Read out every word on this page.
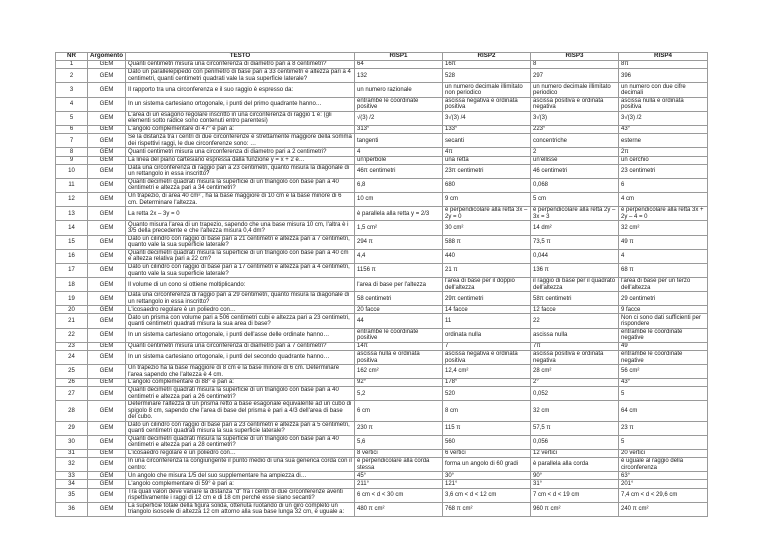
NR	Argomento	TESTO	RISP1	RISP2	RISP3	RISP4
1	GEM	Quanti centimetri misura una circonferenza di diametro pari a 8 centimetri?	64	16π	8	8π
2	GEM	Dato un parallelepipedo con perimetro di base pari a 33 centimetri e altezza pari a 4 centimetri, quanti centimetri quadrati vale la sua superficie laterale?	132	528	297	396
3	GEM	Il rapporto tra una circonferenza e il suo raggio è espresso da:	un numero razionale	un numero decimale illimitato non periodico	un numero decimale illimitato periodico	un numero con due cifre decimali
4	GEM	In un sistema cartesiano ortogonale, i punti del primo quadrante hanno…	entrambe le coordinate positive	ascissa negativa e ordinata positiva	ascissa positiva e ordinata negativa	ascissa nulla e ordinata positiva
5	GEM	L'area di un esagono regolare inscritto in una circonferenza di raggio 1 è: (gli elementi sotto radice sono contenuti entro parentesi)	√(3) /2	3√(3) /4	3√(3)	3√(3) /2
6	GEM	L'angolo complementare di 47° è pari a:	313°	133°	223°	43°
7	GEM	Se la distanza tra i centri di due circonferenze è strettamente maggiore della somma dei rispettivi raggi, le due circonferenze sono: …	tangenti	secanti	concentriche	esterne
8	GEM	Quanti centimetri misura una circonferenza di diametro pari a 2 centimetri?	4	4π	2	2π
9	GEM	La linea del piano cartesiano espressa dalla funzione y = x + 2 è…	un'iperbole	una retta	un'ellisse	un cerchio
10	GEM	Data una circonferenza di raggio pari a 23 centimetri, quanto misura la diagonale di un rettangolo in essa inscritto?	46π centimetri	23π centimetri	46 centimetri	23 centimetri
11	GEM	Quanti decimetri quadrati misura la superficie di un triangolo con base pari a 40 centimetri e altezza pari a 34 centimetri?	6,8	680	0,068	6
12	GEM	Un trapezio, di area 40 cm² , ha la base maggiore di 10 cm e la base minore di 6 cm. Determinare l'altezza.	10 cm	9 cm	5 cm	4 cm
13	GEM	La retta 2x – 3y = 0	è parallela alla retta y = 2/3	è perpendicolare alla retta 3x – 2y = 0	è perpendicolare alla retta 2y – 3x = 3	è perpendicolare alla retta 3x + 2y – 4 = 0
14	GEM	Quanto misura l'area di un trapezio, sapendo che una base misura 10 cm, l'altra è i 3/5 della precedente e che l'altezza misura 0,4 dm?	1,5 cm²	30 cm²	14 dm²	32 cm²
15	GEM	Dato un cilindro con raggio di base pari a 21 centimetri e altezza pari a 7 centimetri, quanto vale la sua superficie laterale?	294 π	588 π	73,5 π	49 π
16	GEM	Quanti decimetri quadrati misura la superficie di un triangolo con base pari a 40 cm e altezza relativa pari a 22 cm?	4,4	440	0,044	4
17	GEM	Dato un cilindro con raggio di base pari a 17 centimetri e altezza pari a 4 centimetri, quanto vale la sua superficie laterale?	1156 π	21 π	136 π	68 π
18	GEM	Il volume di un cono si ottiene moltiplicando:	l'area di base per l'altezza	l'area di base per il doppio dell'altezza	il raggio di base per il quadrato dell'altezza	l'area di base per un terzo dell'altezza
19	GEM	Data una circonferenza di raggio pari a 29 centimetri, quanto misura la diagonale di un rettangolo in essa inscritto?	58 centimetri	29π centimetri	58π centimetri	29 centimetri
20	GEM	L'icosaedro regolare è un poliedro con…	20 facce	14 facce	12 facce	9 facce
21	GEM	Dato un prisma con volume pari a 506 centimetri cubi e altezza pari a 23 centimetri, quanti centimetri quadrati misura la sua area di base?	44	11	22	Non ci sono dati sufficienti per rispondere
22	GEM	In un sistema cartesiano ortogonale, i punti dell'asse delle ordinate hanno…	entrambe le coordinate positive	ordinata nulla	ascissa nulla	entrambe le coordinate negative
23	GEM	Quanti centimetri misura una circonferenza di diametro pari a 7 centimetri?	14π	7	7π	49
24	GEM	In un sistema cartesiano ortogonale, i punti del secondo quadrante hanno…	ascissa nulla e ordinata positiva	ascissa negativa e ordinata positiva	ascissa positiva e ordinata negativa	entrambe le coordinate negative
25	GEM	Un trapezio ha la base maggiore di 8 cm e la base minore di 6 cm. Determinare l'area sapendo che l'altezza è 4 cm.	162 cm²	12,4 cm²	28 cm²	56 cm²
26	GEM	L'angolo complementare di 88° è pari a:	92°	178°	2°	43°
27	GEM	Quanti decimetri quadrati misura la superficie di un triangolo con base pari a 40 centimetri e altezza pari a 26 centimetri?	5,2	520	0,052	5
28	GEM	Determinare l'altezza di un prisma retto a base esagonale equivalente ad un cubo di spigolo 8 cm, sapendo che l'area di base del prisma è pari a 4/3 dell'area di base del cubo.	6 cm	8 cm	32 cm	64 cm
29	GEM	Dato un cilindro con raggio di base pari a 23 centimetri e altezza pari a 5 centimetri, quanti centimetri quadrati misura la sua superficie laterale?	230 π	115 π	57,5 π	23 π
30	GEM	Quanti decimetri quadrati misura la superficie di un triangolo con base pari a 40 centimetri e altezza pari a 28 centimetri?	5,6	560	0,056	5
31	GEM	L'icosaedro regolare è un poliedro con…	8 vertici	6 vertici	12 vertici	20 vertici
32	GEM	In una circonferenza la congiungente il punto medio di una sua generica corda con il centro:	è perpendicolare alla corda stessa	forma un angolo di 60 gradi	è parallela alla corda	è uguale al raggio della circonferenza
33	GEM	Un angolo che misura 1/5 del suo supplementare ha ampiezza di…	45°	30°	90°	63°
34	GEM	L'angolo complementare di 59° è pari a:	211°	121°	31°	201°
35	GEM	Tra quali valori deve variare la distanza "d" fra i centri di due circonferenze aventi rispettivamente i raggi di 12 cm e di 18 cm perché esse siano secanti?	6 cm < d < 30 cm	3,6 cm < d < 12 cm	7 cm < d < 19 cm	7,4 cm < d < 29,6 cm
36	GEM	La superficie totale della figura solida, ottenuta ruotando di un giro completo un triangolo isoscele di altezza 12 cm attorno alla sua base lunga 32 cm, è uguale a:	480 π cm²	768 π cm²	960 π cm²	240 π cm²
